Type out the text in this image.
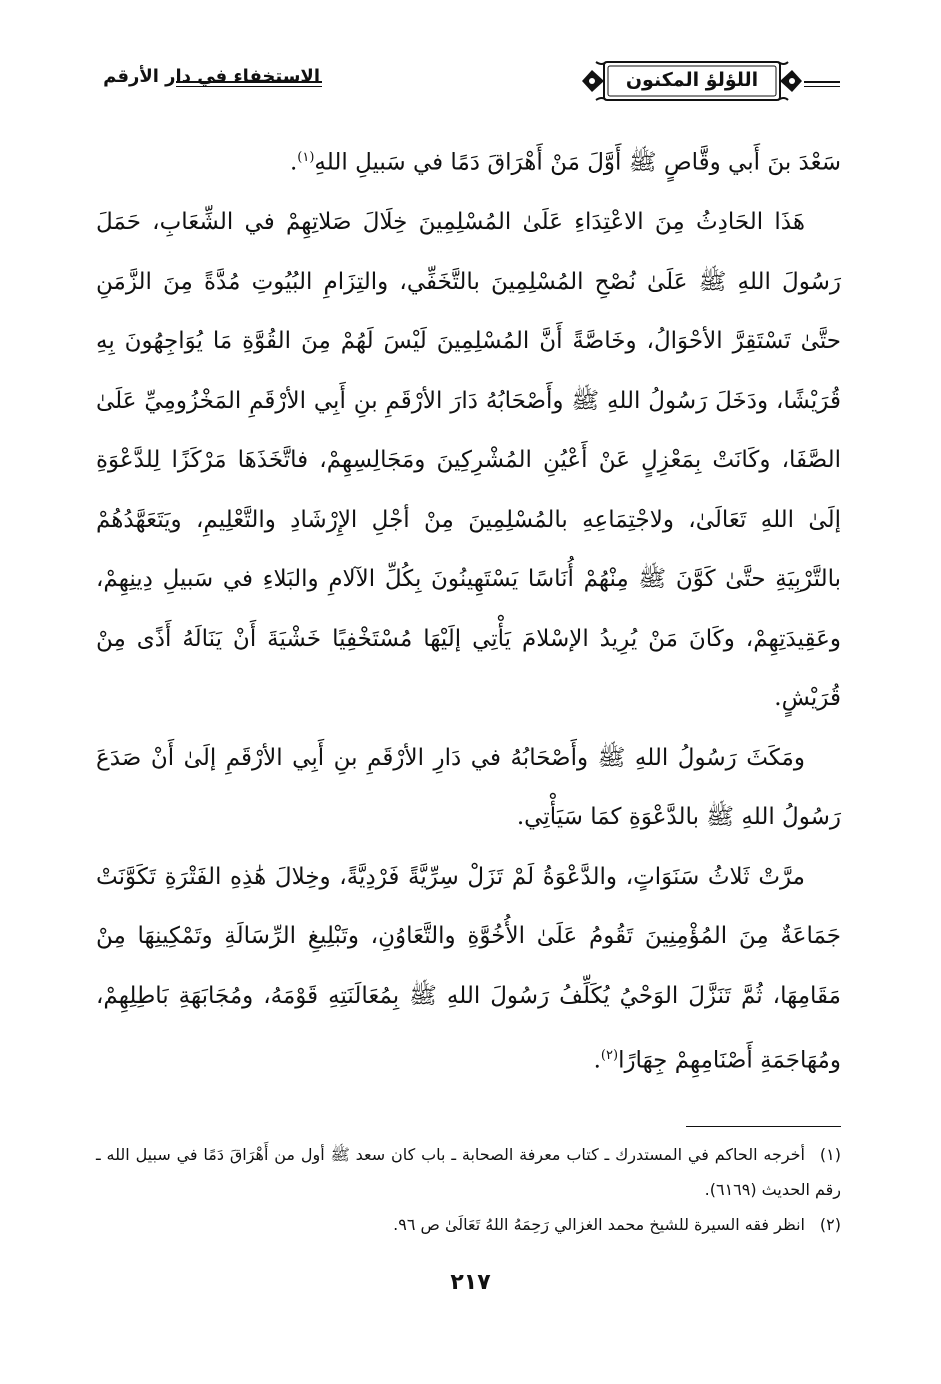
الاستخفاء في دار الأرقم	اللؤلؤ المكنون

سَعْدَ بنَ أَبي وقَّاصٍ ﷺ أَوَّلَ مَنْ أَهْرَاقَ دَمًا في سَبيلِ اللهِ$^{(١)}$.

هَذَا الحَادِثُ مِنَ الاعْتِدَاءِ عَلَىٰ المُسْلِمِينَ خِلَالَ صَلاتِهِمْ في الشِّعَابِ، حَمَلَ رَسُولَ اللهِ ﷺ عَلَىٰ نُصْحِ المُسْلِمِينَ بالتَّخَفِّي، والتِزَامِ البُيُوتِ مُدَّةً مِنَ الزَّمَنِ حتَّىٰ تَسْتَقِرَّ الأحْوَالُ، وخَاصَّةً أَنَّ المُسْلِمِينَ لَيْسَ لَهُمْ مِنَ القُوَّةِ مَا يُوَاجِهُونَ بِهِ قُرَيْشًا، ودَخَلَ رَسُولُ اللهِ ﷺ وأَصْحَابُهُ دَارَ الأرْقَمِ بنِ أَبِي الأرْقَمِ المَخْزُومِيِّ عَلَىٰ الصَّفَا، وكَانَتْ بِمَعْزِلٍ عَنْ أَعْيُنِ المُشْرِكِينَ ومَجَالِسِهِمْ، فاتَّخَذَهَا مَرْكَزًا لِلدَّعْوَةِ إلَىٰ اللهِ تَعَالَىٰ، ولاجْتِمَاعِهِ بالمُسْلِمِينَ مِنْ أجْلِ الإِرْشَادِ والتَّعْلِيمِ، ويَتَعَهَّدُهُمْ بالتَّرْبِيَةِ حتَّىٰ كَوَّنَ ﷺ مِنْهُمْ أُنَاسًا يَسْتَهِينُونَ بِكُلِّ الآلامِ والبَلاءِ في سَبيلِ دِينِهِمْ، وعَقِيدَتِهِمْ، وكَانَ مَنْ يُرِيدُ الإسْلامَ يَأْتِي إلَيْهَا مُسْتَخْفِيًا خَشْيَةَ أَنْ يَنَالَهُ أَذًى مِنْ قُرَيْشٍ.

ومَكَثَ رَسُولُ اللهِ ﷺ وأَصْحَابُهُ في دَارِ الأرْقَمِ بنِ أَبِي الأرْقَمِ إلَىٰ أَنْ صَدَعَ رَسُولُ اللهِ ﷺ بالدَّعْوَةِ كمَا سَيَأْتِي.

مرَّتْ ثَلاثُ سَنَوَاتٍ، والدَّعْوَةُ لَمْ تَزَلْ سِرِّيَّةً فَرْدِيَّةً، وخِلالَ هَٰذِهِ الفَتْرَةِ تَكَوَّنَتْ جَمَاعَةٌ مِنَ المُؤْمِنِينَ تَقُومُ عَلَىٰ الأُخُوَّةِ والتَّعَاوُنِ، وتَبْلِيغِ الرِّسَالَةِ وتَمْكِينِهَا مِنْ مَقَامِهَا، ثُمَّ تَنَزَّلَ الوَحْيُ يُكَلِّفُ رَسُولَ اللهِ ﷺ بِمُعَالَنَتِهِ قَوْمَهُ، ومُجَابَهَةِ بَاطِلِهِمْ، ومُهَاجَمَةِ أَصْنَامِهِمْ جِهَارًا$^{(٢)}$.

(١)أخرجه الحاكم في المستدرك ـ كتاب معرفة الصحابة ـ باب كان سعد ﷺ أول من أَهْرَاقَ دَمًا في سبيل الله ـ رقم الحديث (٦١٦٩).

(٢)انظر فقه السيرة للشيخ محمد الغزالي رَحِمَهُ اللهُ تَعَالَىٰ ص ٩٦.

٢١٧
